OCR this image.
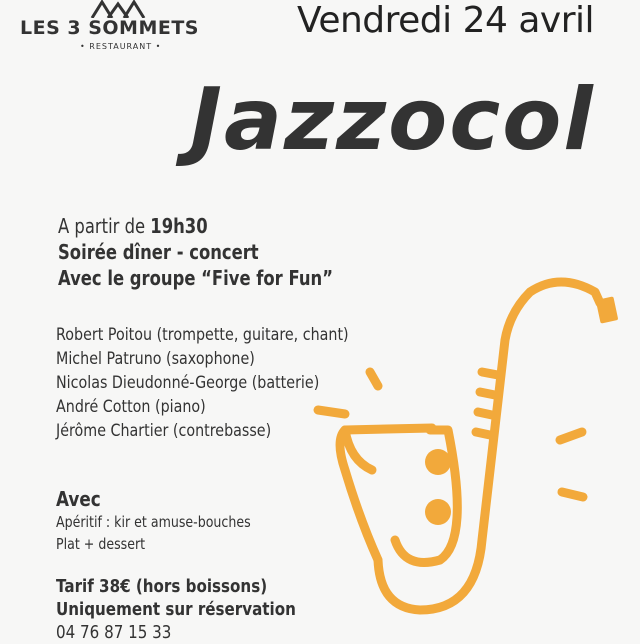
LES 3 SOMMETS
• RESTAURANT •
Vendredi 24 avril
Jazzocol
A partir de 19h30
Soirée dîner - concert
Avec le groupe “Five for Fun”
Robert Poitou (trompette, guitare, chant)
Michel Patruno (saxophone)
Nicolas Dieudonné-George (batterie)
André Cotton (piano)
Jérôme Chartier (contrebasse)
Avec
Apéritif : kir et amuse-bouches
Plat + dessert
Tarif 38€ (hors boissons)
Uniquement sur réservation
04 76 87 15 33
